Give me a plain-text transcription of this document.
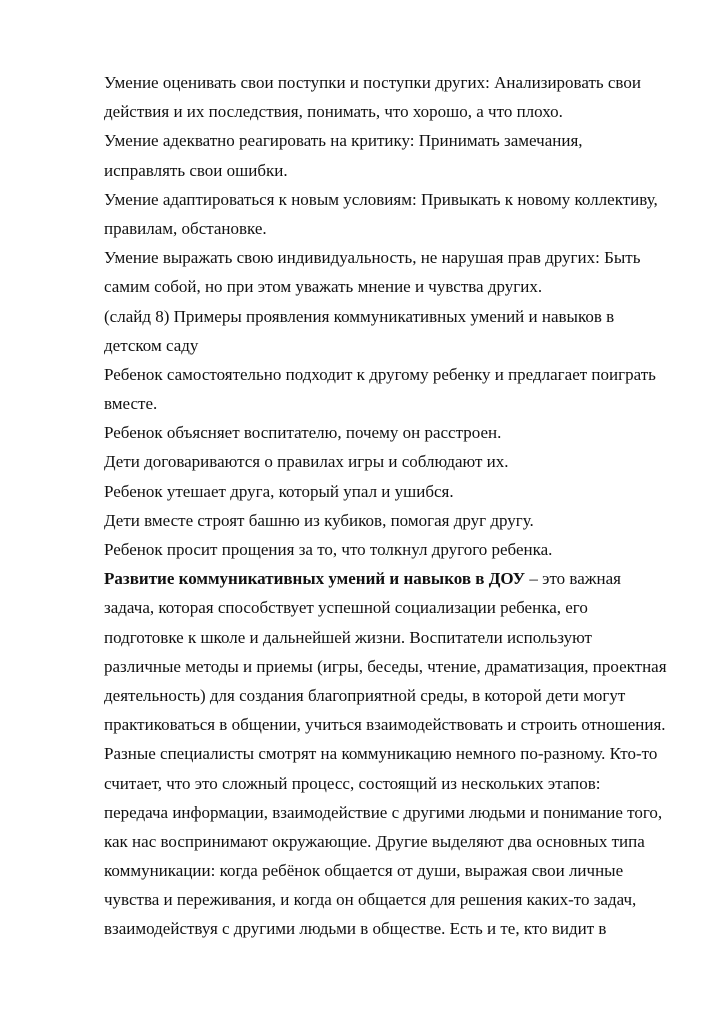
Умение оценивать свои поступки и поступки других: Анализировать свои
действия и их последствия, понимать, что хорошо, а что плохо.
Умение адекватно реагировать на критику: Принимать замечания,
исправлять свои ошибки.
Умение адаптироваться к новым условиям: Привыкать к новому коллективу,
правилам, обстановке.
Умение выражать свою индивидуальность, не нарушая прав других: Быть
самим собой, но при этом уважать мнение и чувства других.
(слайд 8) Примеры проявления коммуникативных умений и навыков в
детском саду
Ребенок самостоятельно подходит к другому ребенку и предлагает поиграть
вместе.
Ребенок объясняет воспитателю, почему он расстроен.
Дети договариваются о правилах игры и соблюдают их.
Ребенок утешает друга, который упал и ушибся.
Дети вместе строят башню из кубиков, помогая друг другу.
Ребенок просит прощения за то, что толкнул другого ребенка.
Развитие коммуникативных умений и навыков в ДОУ – это важная
задача, которая способствует успешной социализации ребенка, его
подготовке к школе и дальнейшей жизни. Воспитатели используют
различные методы и приемы (игры, беседы, чтение, драматизация, проектная
деятельность) для создания благоприятной среды, в которой дети могут
практиковаться в общении, учиться взаимодействовать и строить отношения.
Разные специалисты смотрят на коммуникацию немного по-разному. Кто-то
считает, что это сложный процесс, состоящий из нескольких этапов:
передача информации, взаимодействие с другими людьми и понимание того,
как нас воспринимают окружающие. Другие выделяют два основных типа
коммуникации: когда ребёнок общается от души, выражая свои личные
чувства и переживания, и когда он общается для решения каких-то задач,
взаимодействуя с другими людьми в обществе. Есть и те, кто видит в
